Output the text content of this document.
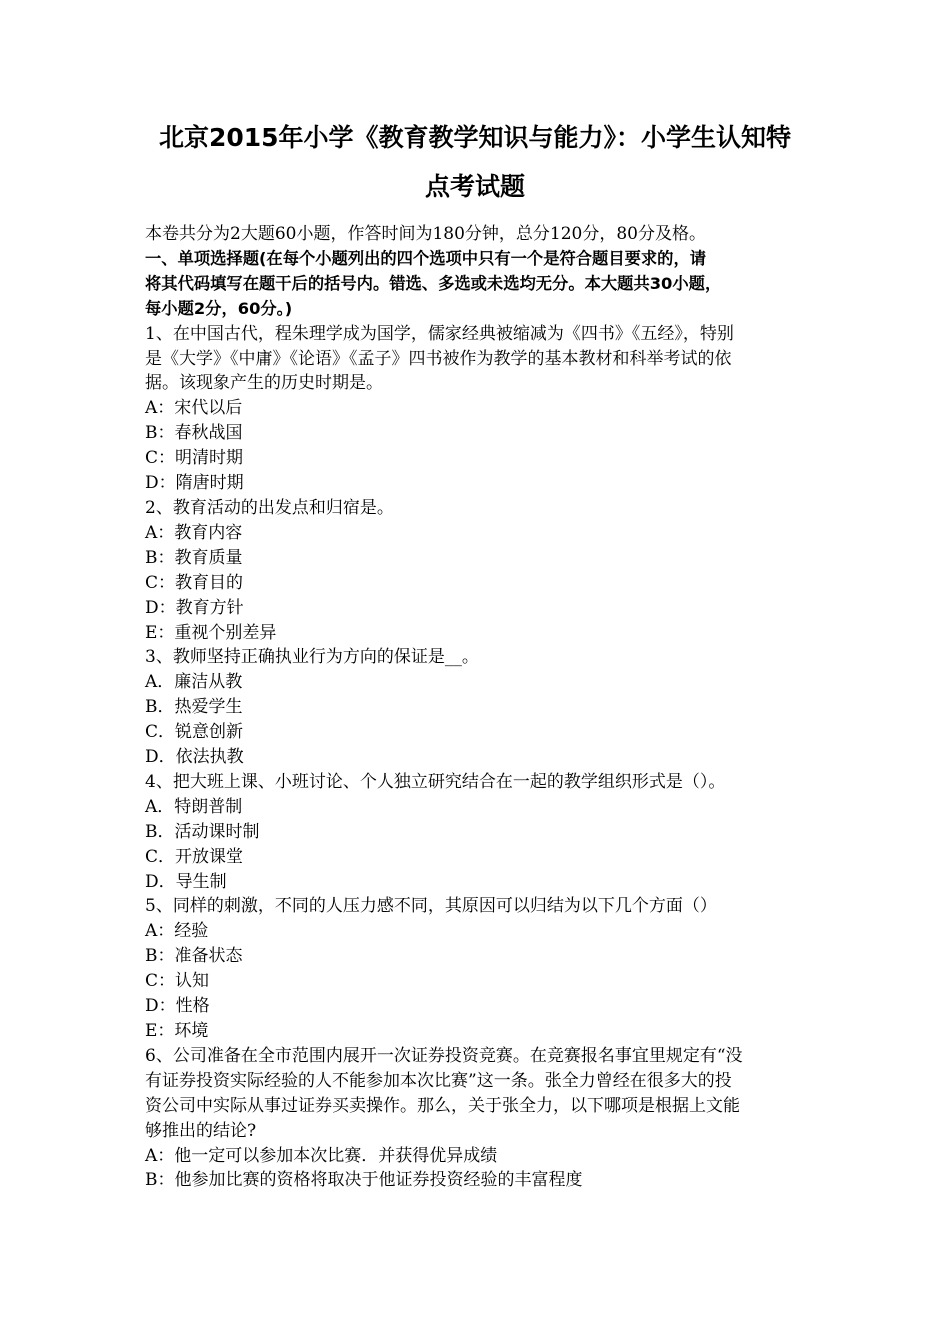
北京2015年小学《教育教学知识与能力》：小学生认知特
点考试题
本卷共分为2大题60小题，作答时间为180分钟，总分120分，80分及格。
一、单项选择题(在每个小题列出的四个选项中只有一个是符合题目要求的，请
将其代码填写在题干后的括号内。错选、多选或未选均无分。本大题共30小题，
每小题2分，60分。)
1、在中国古代，程朱理学成为国学，儒家经典被缩减为《四书》《五经》，特别
是《大学》《中庸》《论语》《孟子》四书被作为教学的基本教材和科举考试的依
据。该现象产生的历史时期是。
A：宋代以后
B：春秋战国
C：明清时期
D：隋唐时期
2、教育活动的出发点和归宿是。
A：教育内容
B：教育质量
C：教育目的
D：教育方针
E：重视个别差异
3、教师坚持正确执业行为方向的保证是__。
A．廉洁从教
B．热爱学生
C．锐意创新
D．依法执教
4、把大班上课、小班讨论、个人独立研究结合在一起的教学组织形式是（）。
A．特朗普制
B．活动课时制
C．开放课堂
D．导生制
5、同样的刺激，不同的人压力感不同，其原因可以归结为以下几个方面（）
A：经验
B：准备状态
C：认知
D：性格
E：环境
6、公司准备在全市范围内展开一次证券投资竞赛。在竞赛报名事宜里规定有“没
有证券投资实际经验的人不能参加本次比赛”这一条。张全力曾经在很多大的投
资公司中实际从事过证券买卖操作。那么，关于张全力，以下哪项是根据上文能
够推出的结论?
A：他一定可以参加本次比赛．并获得优异成绩
B：他参加比赛的资格将取决于他证券投资经验的丰富程度
